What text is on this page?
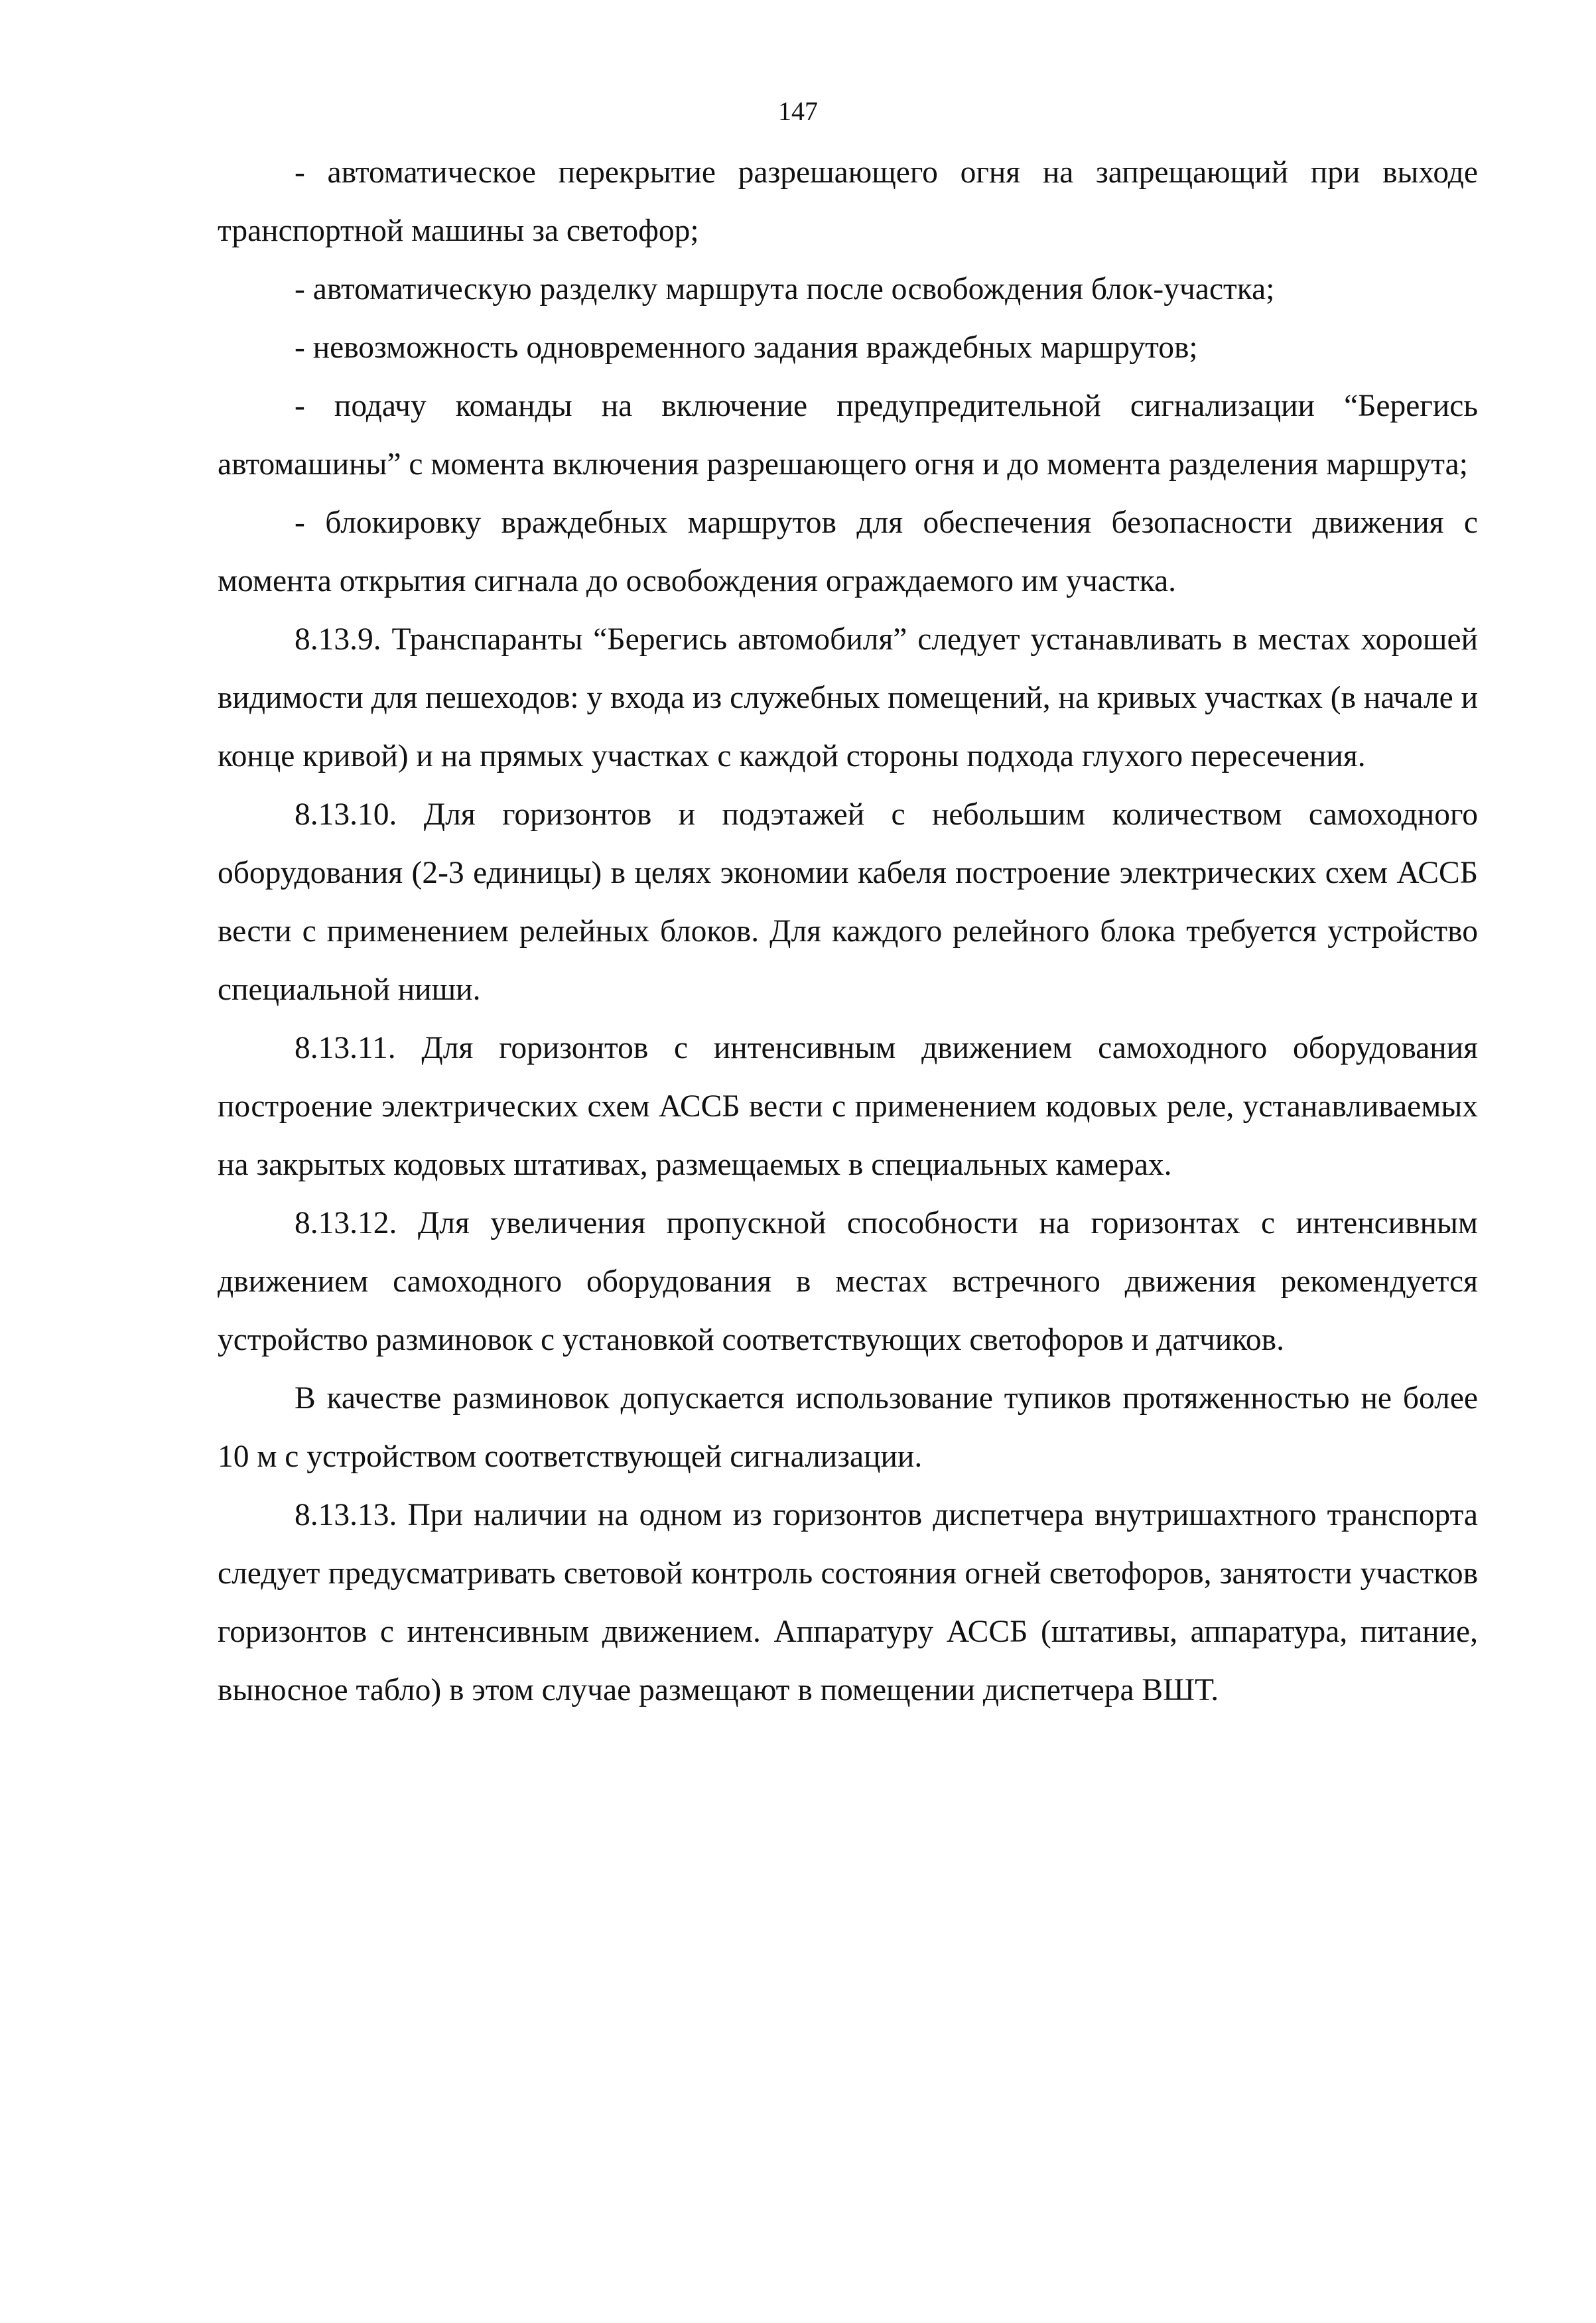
147

- автоматическое перекрытие разрешающего огня на запрещающий при выходе транспортной машины за светофор;

- автоматическую разделку маршрута после освобождения блок-участка;

- невозможность одновременного задания враждебных маршрутов;

- подачу команды на включение предупредительной сигнализации “Берегись автомашины” с момента включения разрешающего огня и до момента разделения маршрута;

- блокировку враждебных маршрутов для обеспечения безопасности движения с момента открытия сигнала до освобождения ограждаемого им участка.

8.13.9. Транспаранты “Берегись автомобиля” следует устанавливать в местах хорошей видимости для пешеходов: у входа из служебных помещений, на кривых участках (в начале и конце кривой) и на прямых участках с каждой стороны подхода глухого пересечения.

8.13.10. Для горизонтов и подэтажей с небольшим количеством самоходного оборудования (2-3 единицы) в целях экономии кабеля построение электрических схем АССБ вести с применением релейных блоков. Для каждого релейного блока требуется устройство специальной ниши.

8.13.11. Для горизонтов с интенсивным движением самоходного оборудования построение электрических схем АССБ вести с применением кодовых реле, устанавливаемых на закрытых кодовых штативах, размещаемых в специальных камерах.

8.13.12. Для увеличения пропускной способности на горизонтах с интенсивным движением самоходного оборудования в местах встречного движения рекомендуется устройство разминовок с установкой соответствующих светофоров и датчиков.

В качестве разминовок допускается использование тупиков протяженностью не более 10 м с устройством соответствующей сигнализации.

8.13.13. При наличии на одном из горизонтов диспетчера внутришахтного транспорта следует предусматривать световой контроль состояния огней светофоров, занятости участков горизонтов с интенсивным движением. Аппаратуру АССБ (штативы, аппаратура, питание, выносное табло) в этом случае размещают в помещении диспетчера ВШТ.
